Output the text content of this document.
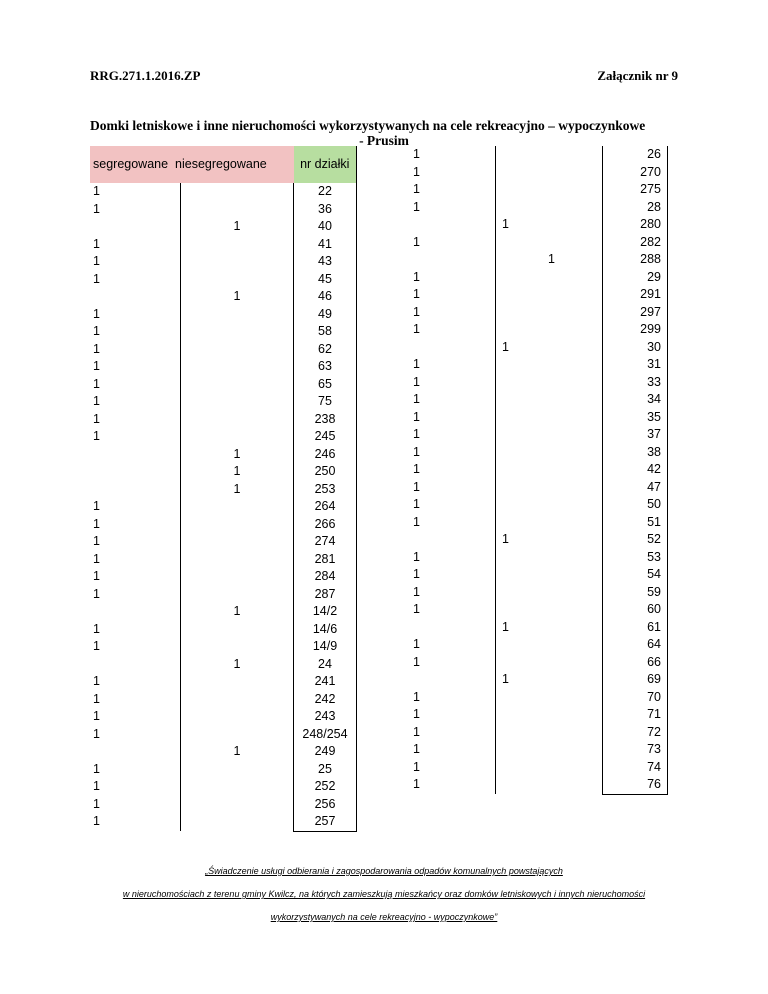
RRG.271.1.2016.ZP	Załącznik nr 9
Domki letniskowe i inne nieruchomości wykorzystywanych na cele rekreacyjno – wypoczynkowe
- Prusim
segregowane niesegregowane		nr działki
1		22
1		36
	1	40
1		41
1		43
1		45
	1	46
1		49
1		58
1		62
1		63
1		65
1		75
1		238
1		245
	1	246
	1	250
	1	253
1		264
1		266
1		274
1		281
1		284
1		287
	1	14/2
1		14/6
1		14/9
	1	24
1		241
1		242
1		243
1		248/254
	1	249
1		25
1		252
1		256
1		257
1		26
1		270
1		275
1		28

	1	280
1		282

	1	288
1		29
1		291
1		297
1		299

	1	30
1		31
1		33
1		34
1		35
1		37
1		38
1		42
1		47
1		50
1		51

	1	52
1		53
1		54
1		59
1		60

	1	61
1		64
1		66

	1	69
1		70
1		71
1		72
1		73
1		74
1		76
„Świadczenie usługi odbierania i zagospodarowania odpadów komunalnych powstających
w nieruchomościach z terenu gminy Kwilcz, na których zamieszkują mieszkańcy oraz domków letniskowych i innych nieruchomości
wykorzystywanych na cele rekreacyjno - wypoczynkowe”
